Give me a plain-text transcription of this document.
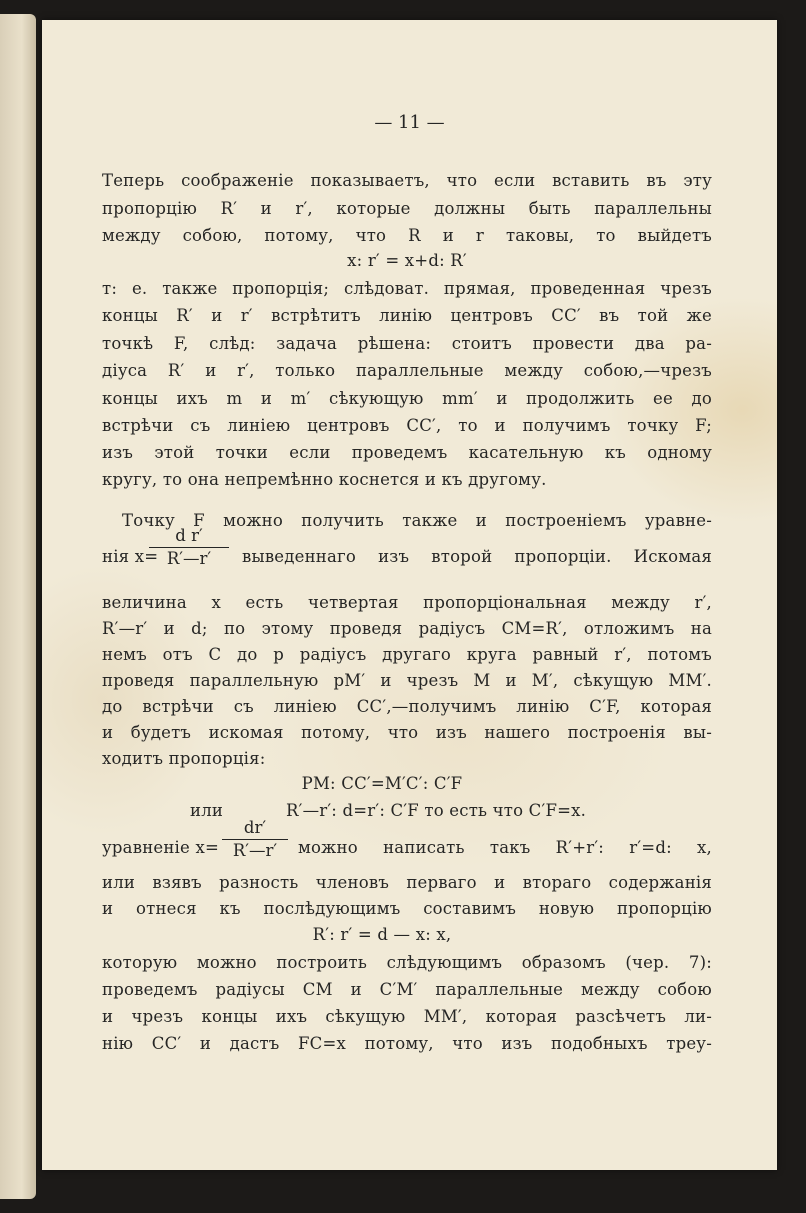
— 11 —
Теперь соображеніе показываетъ, что если вставить въ эту
пропорцію R′ и r′, которые должны быть параллельны
между собою, потому, что R и r таковы, то выйдетъ
x: r′ = x+d: R′
т: е. также пропорція; слѣдоват. прямая, проведенная чрезъ
концы R′ и r′ встрѣтитъ линію центровъ CC′ въ той же
точкѣ F, слѣд: задача рѣшена: стоитъ провести два ра-
діуса R′ и r′, только параллельные между собою,—чрезъ
концы ихъ m и m′ сѣкующую mm′ и продолжить ее до
встрѣчи съ линіею центровъ CC′, то и получимъ точку F;
изъ этой точки если проведемъ касательную къ одному
кругу, то она непремѣнно коснется и къ другому.
Точку F можно получить также и построеніемъ уравне-
нія x=
d r′
R′—r′	выведеннаго изъ второй пропорціи. Искомая
величина x есть четвертая пропорціональная между r′,
R′—r′ и d; по этому проведя радіусъ CM=R′, отложимъ на
немъ отъ C до p радіусъ другаго круга равный r′, потомъ
проведя параллельную pM′ и чрезъ M и M′, сѣкущую MM′.
до встрѣчи съ линіею CC′,—получимъ линію C′F, которая
и будетъ искомая потому, что изъ нашего построенія вы-
ходитъ пропорція:
PM: CC′=M′C′: C′F
или	R′—r′: d=r′: C′F то есть что C′F=x.
уравненіе x=
dr′
R′—r′	можно написать такъ R′+r′: r′=d: x,
или взявъ разность членовъ перваго и втораго содержанія
и отнеся къ послѣдующимъ составимъ новую пропорцію
R′: r′ = d — x: x,
которую можно построить слѣдующимъ образомъ (чер. 7):
проведемъ радіусы CM и C′M′ параллельные между собою
и чрезъ концы ихъ сѣкущую MM′, которая разсѣчетъ ли-
нію CC′ и дастъ FC=x потому, что изъ подобныхъ треу-
